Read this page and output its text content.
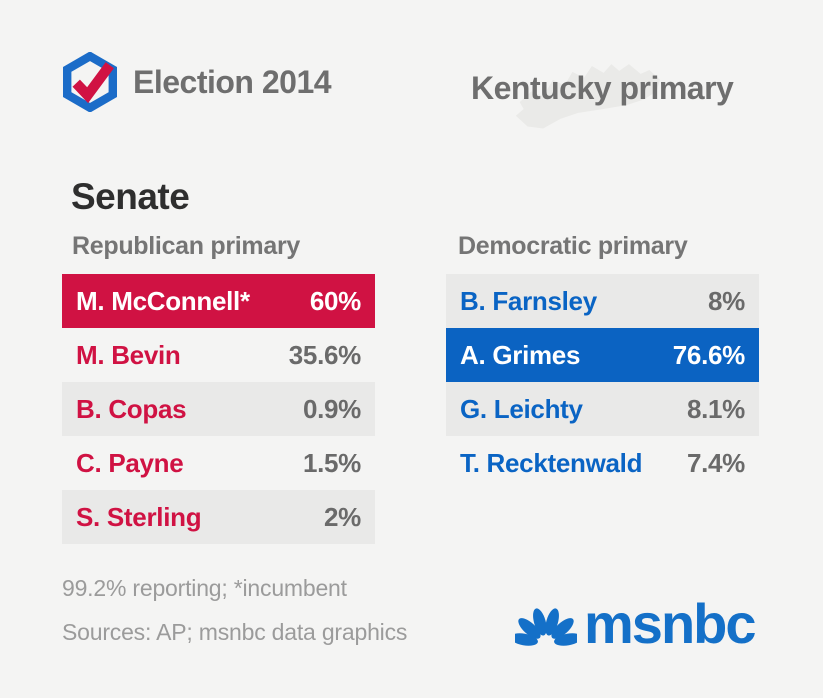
Election 2014	Kentucky primary
Senate
Republican primary	Democratic primary
M. McConnell* 60%
M. Bevin	35.6%
B. Copas	0.9%
C. Payne	1.5%
S. Sterling	2%
B. Farnsley	8%
A. Grimes	76.6%
G. Leichty	8.1%
T. Recktenwald 7.4%
99.2% reporting; *incumbent
Sources: AP; msnbc data graphics	msnbc
